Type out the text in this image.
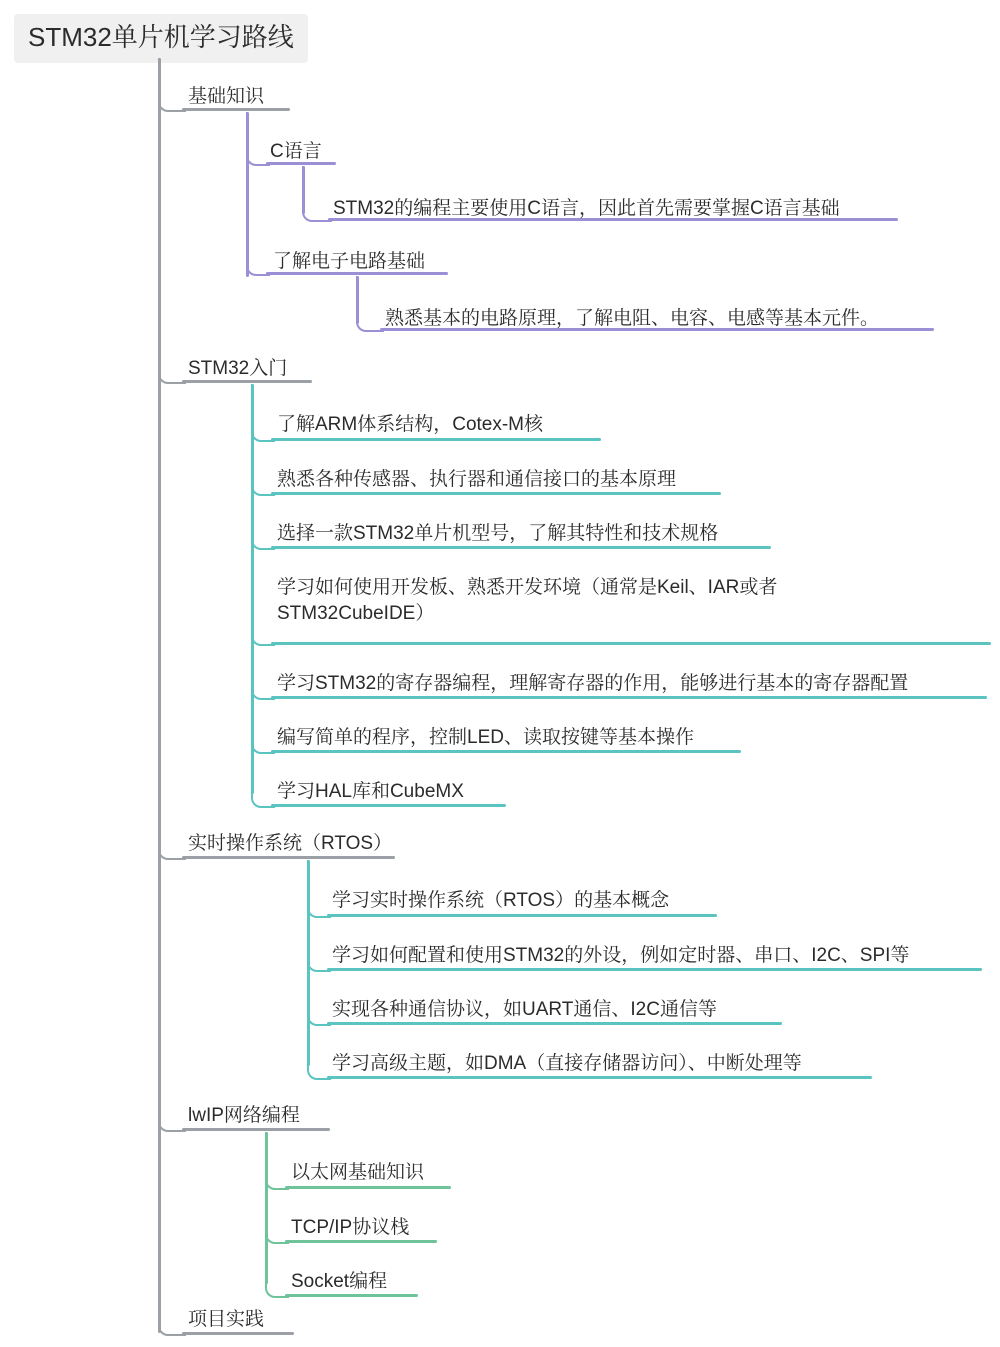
STM32单片机学习路线
基础知识
C语言
STM32的编程主要使用C语言，因此首先需要掌握C语言基础
了解电子电路基础
熟悉基本的电路原理，了解电阻、电容、电感等基本元件。
STM32入门
了解ARM体系结构，Cotex-M核
熟悉各种传感器、执行器和通信接口的基本原理
选择一款STM32单片机型号，了解其特性和技术规格
学习如何使用开发板、熟悉开发环境（通常是Keil、IAR或者STM32CubeIDE）
学习STM32的寄存器编程，理解寄存器的作用，能够进行基本的寄存器配置
编写简单的程序，控制LED、读取按键等基本操作
学习HAL库和CubeMX
实时操作系统（RTOS）
学习实时操作系统（RTOS）的基本概念
学习如何配置和使用STM32的外设，例如定时器、串口、I2C、SPI等
实现各种通信协议，如UART通信、I2C通信等
学习高级主题，如DMA（直接存储器访问）、中断处理等
lwIP网络编程
以太网基础知识
TCP/IP协议栈
Socket编程
项目实践
